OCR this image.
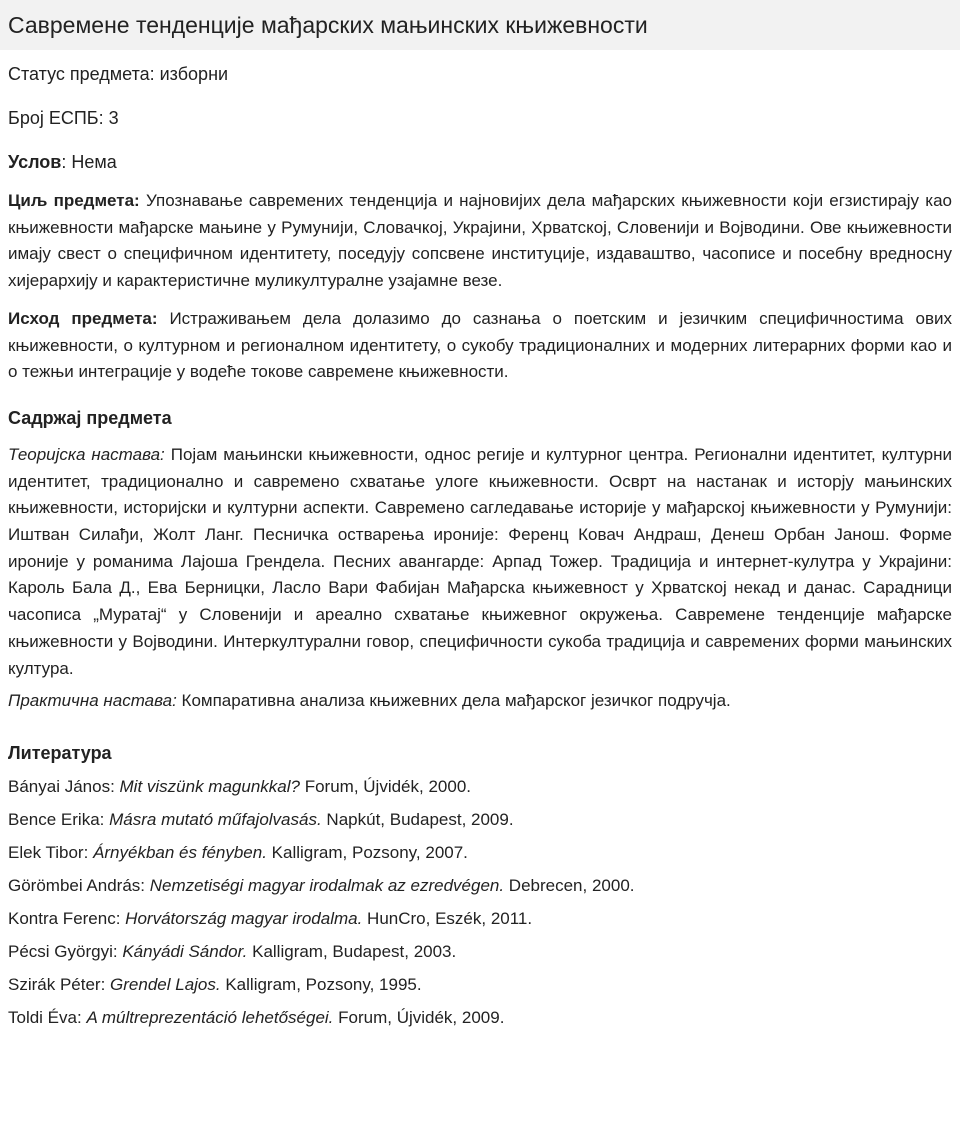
Савремене тенденције мађарских мањинских књижевности

Статус предмета: изборни

Број ЕСПБ: 3

Услов: Нема

Циљ предмета: Упознавање савремених тенденција и најновијих дела мађарских књижевности који егзистирају као књижевности мађарске мањине у Румунији, Словачкој, Украјини, Хрватској, Словенији и Војводини. Ове књижевности имају свест о специфичном идентитету, поседују сопсвене институције, издаваштво, часописе и посебну вредносну хијерархију и карактеристичне муликултуралне узајамне везе.

Исход предмета: Истраживањем дела долазимо до сазнања о поетским и језичким специфичностима ових књижевности, о културном и регионалном идентитету, о сукобу традиционалних и модерних литерарних форми као и о тежњи интеграције у водеће токове савремене књижевности.

Садржај предмета

Теоријска настава: Појам мањински књижевности, однос регије и културног центра. Регионални идентитет, културни идентитет, традиционално и савремено схватање улоге књижевности. Осврт на настанак и исторју мањинских књижевности, историјски и културни аспекти. Савремено сагледавање историје у мађарској књижевности у Румунији: Иштван Силађи, Жолт Ланг. Песничка остварења ироније: Ференц Ковач Андраш, Денеш Орбан Јанош. Форме ироније у романима Лајоша Грендела. Песних авангарде: Арпад Тожер. Традиција и интернет-кулутра у Украјини: Кароль Бала Д., Ева Берницки, Ласло Вари Фабијан Мађарска књижевност у Хрватској некад и данас. Сарадници часописа „Муратај“ у Словенији и ареално схватање књижевног окружења. Савремене тенденције мађарске књижевности у Војводини. Интеркултурални говор, специфичности сукоба традиција и савремених форми мањинских култура.

Практична настава: Компаративна анализа књижевних дела мађарског језичког подручја.

Литература

Bányai János: Mit viszünk magunkkal? Forum, Újvidék, 2000.

Bence Erika: Másra mutató műfajolvasás. Napkút, Budapest, 2009.

Elek Tibor: Árnyékban és fényben. Kalligram, Pozsony, 2007.

Görömbei András: Nemzetiségi magyar irodalmak az ezredvégen. Debrecen, 2000.

Kontra Ferenc: Horvátország magyar irodalma. HunCro, Eszék, 2011.

Pécsi Györgyi: Kányádi Sándor. Kalligram, Budapest, 2003.

Szirák Péter: Grendel Lajos. Kalligram, Pozsony, 1995.

Toldi Éva: A múltreprezentáció lehetőségei. Forum, Újvidék, 2009.
